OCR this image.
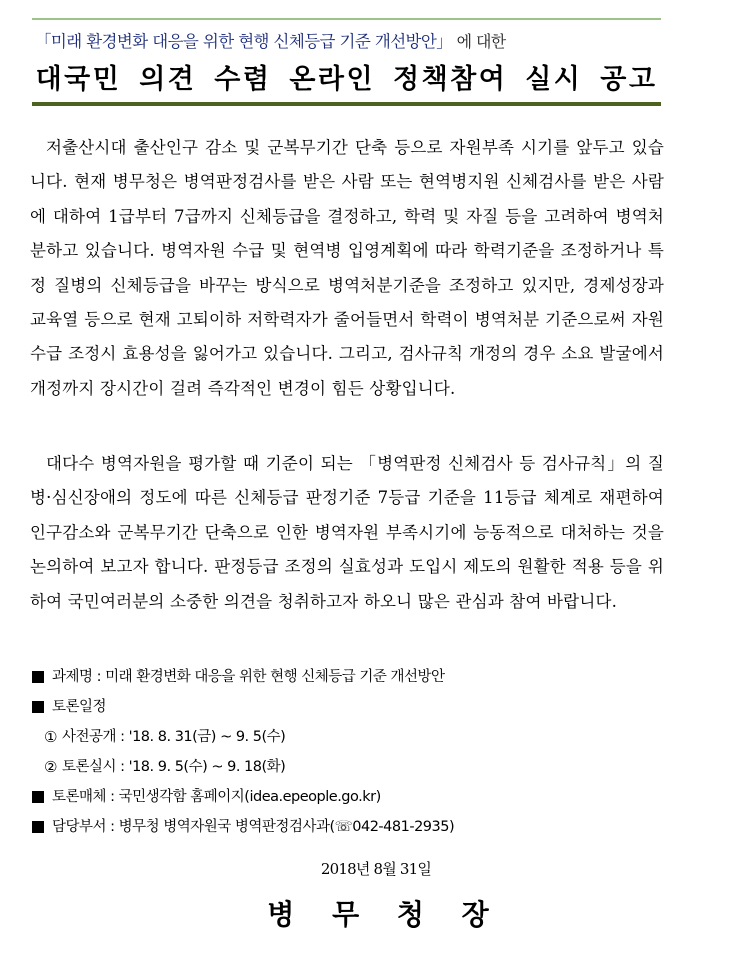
「미래 환경변화 대응을 위한 현행 신체등급 기준 개선방안」 에 대한
대국민 의견 수렴 온라인 정책참여 실시 공고

저출산시대 출산인구 감소 및 군복무기간 단축 등으로 자원부족 시기를 앞두고 있습니다. 현재 병무청은 병역판정검사를 받은 사람 또는 현역병지원 신체검사를 받은 사람에 대하여 1급부터 7급까지 신체등급을 결정하고, 학력 및 자질 등을 고려하여 병역처분하고 있습니다. 병역자원 수급 및 현역병 입영계획에 따라 학력기준을 조정하거나 특정 질병의 신체등급을 바꾸는 방식으로 병역처분기준을 조정하고 있지만, 경제성장과 교육열 등으로 현재 고퇴이하 저학력자가 줄어들면서 학력이 병역처분 기준으로써 자원수급 조정시 효용성을 잃어가고 있습니다. 그리고, 검사규칙 개정의 경우 소요 발굴에서 개정까지 장시간이 걸려 즉각적인 변경이 힘든 상황입니다.

대다수 병역자원을 평가할 때 기준이 되는 「병역판정 신체검사 등 검사규칙」의 질병·심신장애의 정도에 따른 신체등급 판정기준 7등급 기준을 11등급 체계로 재편하여 인구감소와 군복무기간 단축으로 인한 병역자원 부족시기에 능동적으로 대처하는 것을 논의하여 보고자 합니다. 판정등급 조정의 실효성과 도입시 제도의 원활한 적용 등을 위하여 국민여러분의 소중한 의견을 청취하고자 하오니 많은 관심과 참여 바랍니다.

과제명 : 미래 환경변화 대응을 위한 현행 신체등급 기준 개선방안
토론일정
① 사전공개 : '18. 8. 31(금) ~ 9. 5(수)
② 토론실시 : '18. 9. 5(수) ~ 9. 18(화)
토론매체 : 국민생각함 홈페이지(idea.epeople.go.kr)
담당부서 : 병무청 병역자원국 병역판정검사과(☏042-481-2935)
2018년 8월 31일
병 무 청 장
